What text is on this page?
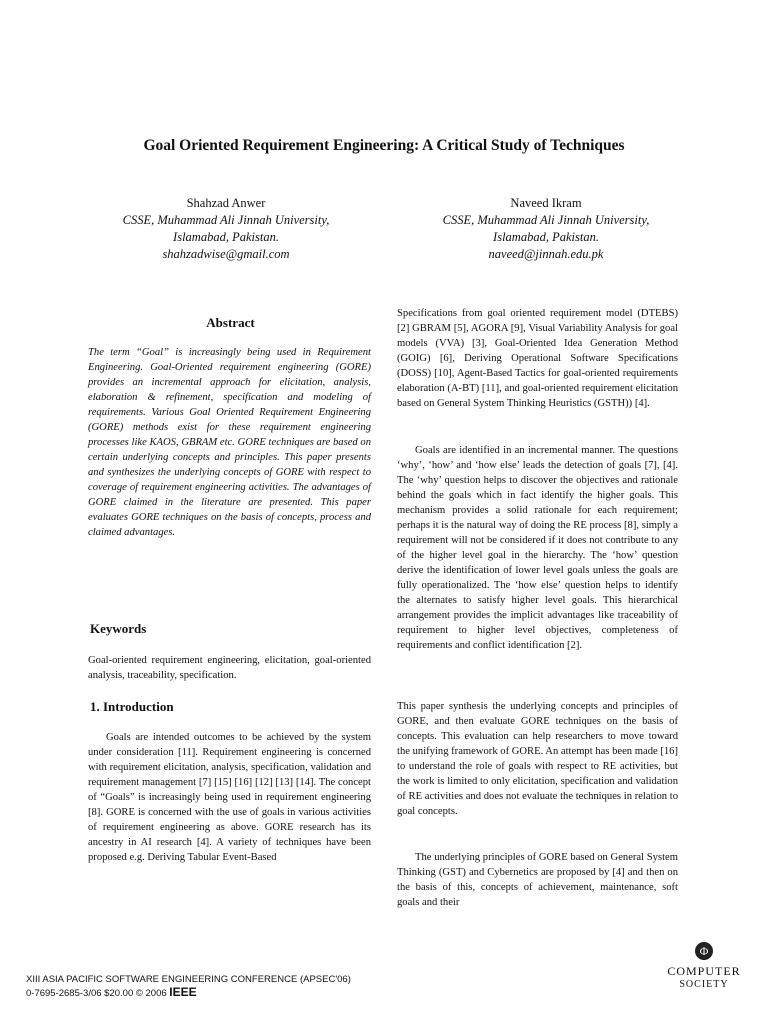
Goal Oriented Requirement Engineering: A Critical Study of Techniques
Shahzad Anwer
CSSE, Muhammad Ali Jinnah University,
Islamabad, Pakistan.
shahzadwise@gmail.com
Naveed Ikram
CSSE, Muhammad Ali Jinnah University,
Islamabad, Pakistan.
naveed@jinnah.edu.pk
Abstract
The term “Goal” is increasingly being used in Requirement Engineering. Goal-Oriented requirement engineering (GORE) provides an incremental approach for elicitation, analysis, elaboration & refinement, specification and modeling of requirements. Various Goal Oriented Requirement Engineering (GORE) methods exist for these requirement engineering processes like KAOS, GBRAM etc. GORE techniques are based on certain underlying concepts and principles. This paper presents and synthesizes the underlying concepts of GORE with respect to coverage of requirement engineering activities. The advantages of GORE claimed in the literature are presented. This paper evaluates GORE techniques on the basis of concepts, process and claimed advantages.
Keywords
Goal-oriented requirement engineering, elicitation, goal-oriented analysis, traceability, specification.
1. Introduction
Goals are intended outcomes to be achieved by the system under consideration [11]. Requirement engineering is concerned with requirement elicitation, analysis, specification, validation and requirement management [7] [15] [16] [12] [13] [14]. The concept of “Goals” is increasingly being used in requirement engineering [8]. GORE is concerned with the use of goals in various activities of requirement engineering as above. GORE research has its ancestry in AI research [4]. A variety of techniques have been proposed e.g. Deriving Tabular Event-Based
Specifications from goal oriented requirement model (DTEBS) [2] GBRAM [5], AGORA [9], Visual Variability Analysis for goal models (VVA) [3], Goal-Oriented Idea Generation Method (GOIG) [6], Deriving Operational Software Specifications (DOSS) [10], Agent-Based Tactics for goal-oriented requirements elaboration (A-BT) [11], and goal-oriented requirement elicitation based on General System Thinking Heuristics (GSTH)) [4].
Goals are identified in an incremental manner. The questions ‘why’, ‘how’ and ‘how else’ leads the detection of goals [7], [4]. The ‘why’ question helps to discover the objectives and rationale behind the goals which in fact identify the higher goals. This mechanism provides a solid rationale for each requirement; perhaps it is the natural way of doing the RE process [8], simply a requirement will not be considered if it does not contribute to any of the higher level goal in the hierarchy. The ‘how’ question derive the identification of lower level goals unless the goals are fully operationalized. The ‘how else’ question helps to identify the alternates to satisfy higher level goals. This hierarchical arrangement provides the implicit advantages like traceability of requirement to higher level objectives, completeness of requirements and conflict identification [2].
This paper synthesis the underlying concepts and principles of GORE, and then evaluate GORE techniques on the basis of concepts. This evaluation can help researchers to move toward the unifying framework of GORE. An attempt has been made [16] to understand the role of goals with respect to RE activities, but the work is limited to only elicitation, specification and validation of RE activities and does not evaluate the techniques in relation to goal concepts.
The underlying principles of GORE based on General System Thinking (GST) and Cybernetics are proposed by [4] and then on the basis of this, concepts of achievement, maintenance, soft goals and their
XIII ASIA PACIFIC SOFTWARE ENGINEERING CONFERENCE (APSEC'06)
0-7695-2685-3/06 $20.00 © 2006 IEEE
Φ
COMPUTER
SOCIETY
